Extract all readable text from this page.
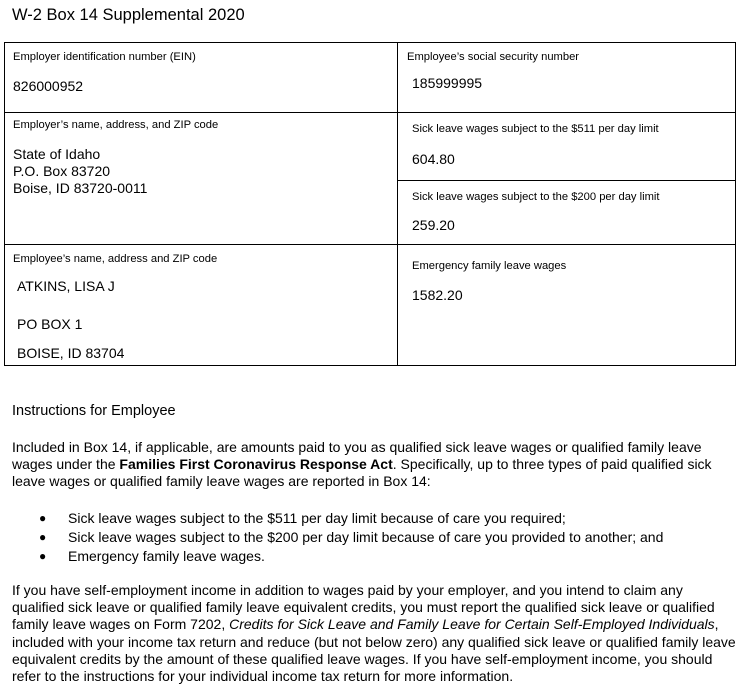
W-2 Box 14 Supplemental 2020
Employer identification number (EIN)
826000952
Employer’s name, address, and ZIP code
State of Idaho
P.O. Box 83720
Boise, ID 83720-0011
Employee’s name, address and ZIP code
ATKINS, LISA J
PO BOX 1
BOISE, ID 83704
Employee’s social security number
185999995
Sick leave wages subject to the $511 per day limit
604.80
Sick leave wages subject to the $200 per day limit
259.20
Emergency family leave wages
1582.20
Instructions for Employee
Included in Box 14, if applicable, are amounts paid to you as qualified sick leave wages or qualified family leave wages under the Families First Coronavirus Response Act. Specifically, up to three types of paid qualified sick leave wages or qualified family leave wages are reported in Box 14:
● Sick leave wages subject to the $511 per day limit because of care you required;
● Sick leave wages subject to the $200 per day limit because of care you provided to another; and
● Emergency family leave wages.
If you have self-employment income in addition to wages paid by your employer, and you intend to claim any qualified sick leave or qualified family leave equivalent credits, you must report the qualified sick leave or qualified family leave wages on Form 7202, Credits for Sick Leave and Family Leave for Certain Self-Employed Individuals, included with your income tax return and reduce (but not below zero) any qualified sick leave or qualified family leave equivalent credits by the amount of these qualified leave wages. If you have self-employment income, you should refer to the instructions for your individual income tax return for more information.
